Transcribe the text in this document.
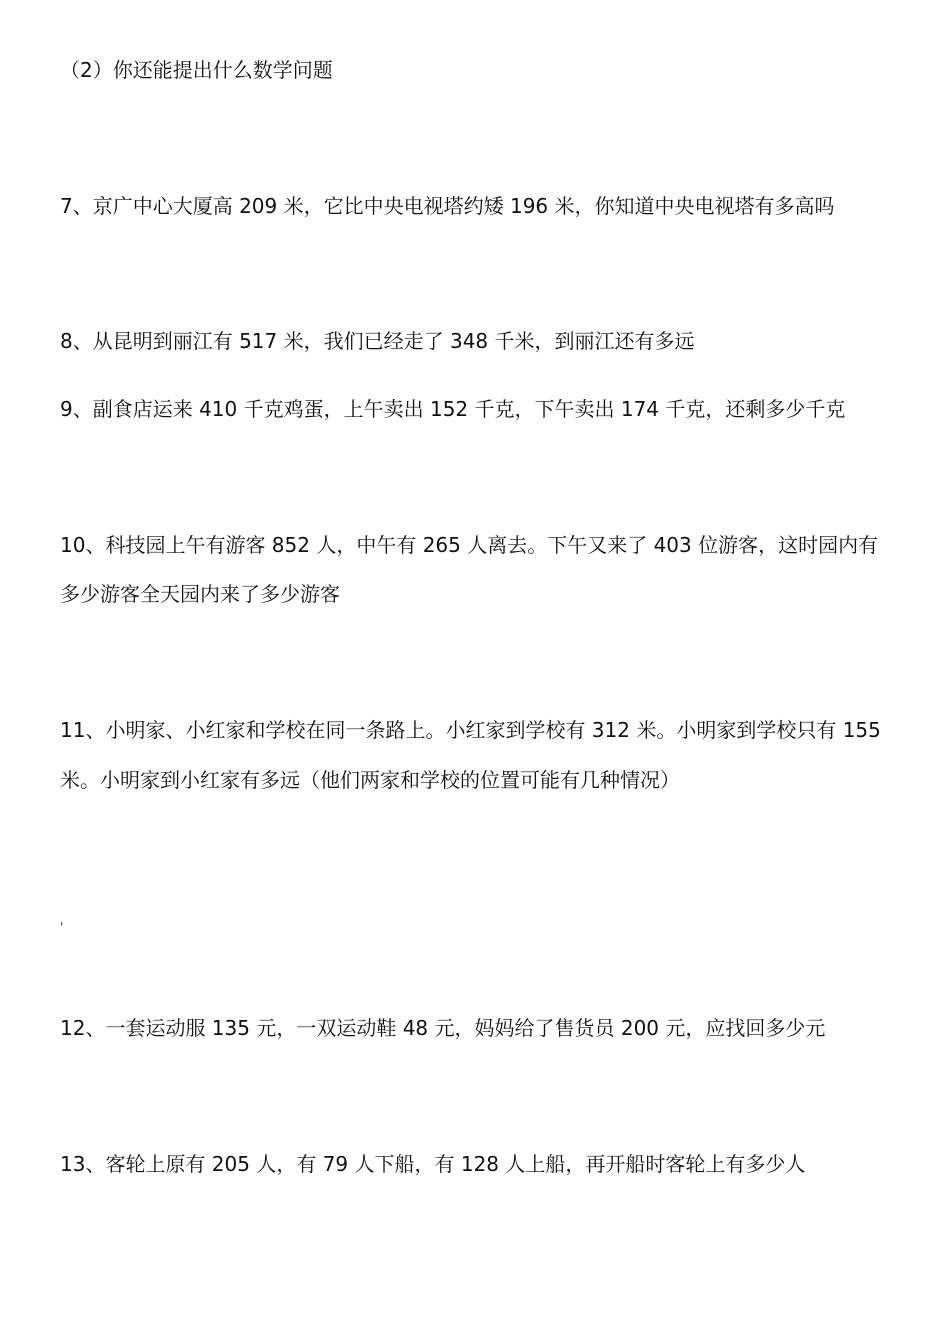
（2）你还能提出什么数学问题
7、京广中心大厦高 209 米，它比中央电视塔约矮 196 米，你知道中央电视塔有多高吗
8、从昆明到丽江有 517 米，我们已经走了 348 千米，到丽江还有多远
9、副食店运来 410 千克鸡蛋，上午卖出 152 千克，下午卖出 174 千克，还剩多少千克
10、科技园上午有游客 852 人，中午有 265 人离去。下午又来了 403 位游客，这时园内有
多少游客全天园内来了多少游客
11、小明家、小红家和学校在同一条路上。小红家到学校有 312 米。小明家到学校只有 155
米。小明家到小红家有多远（他们两家和学校的位置可能有几种情况）
'
12、一套运动服 135 元，一双运动鞋 48 元，妈妈给了售货员 200 元，应找回多少元
13、客轮上原有 205 人，有 79 人下船，有 128 人上船，再开船时客轮上有多少人
